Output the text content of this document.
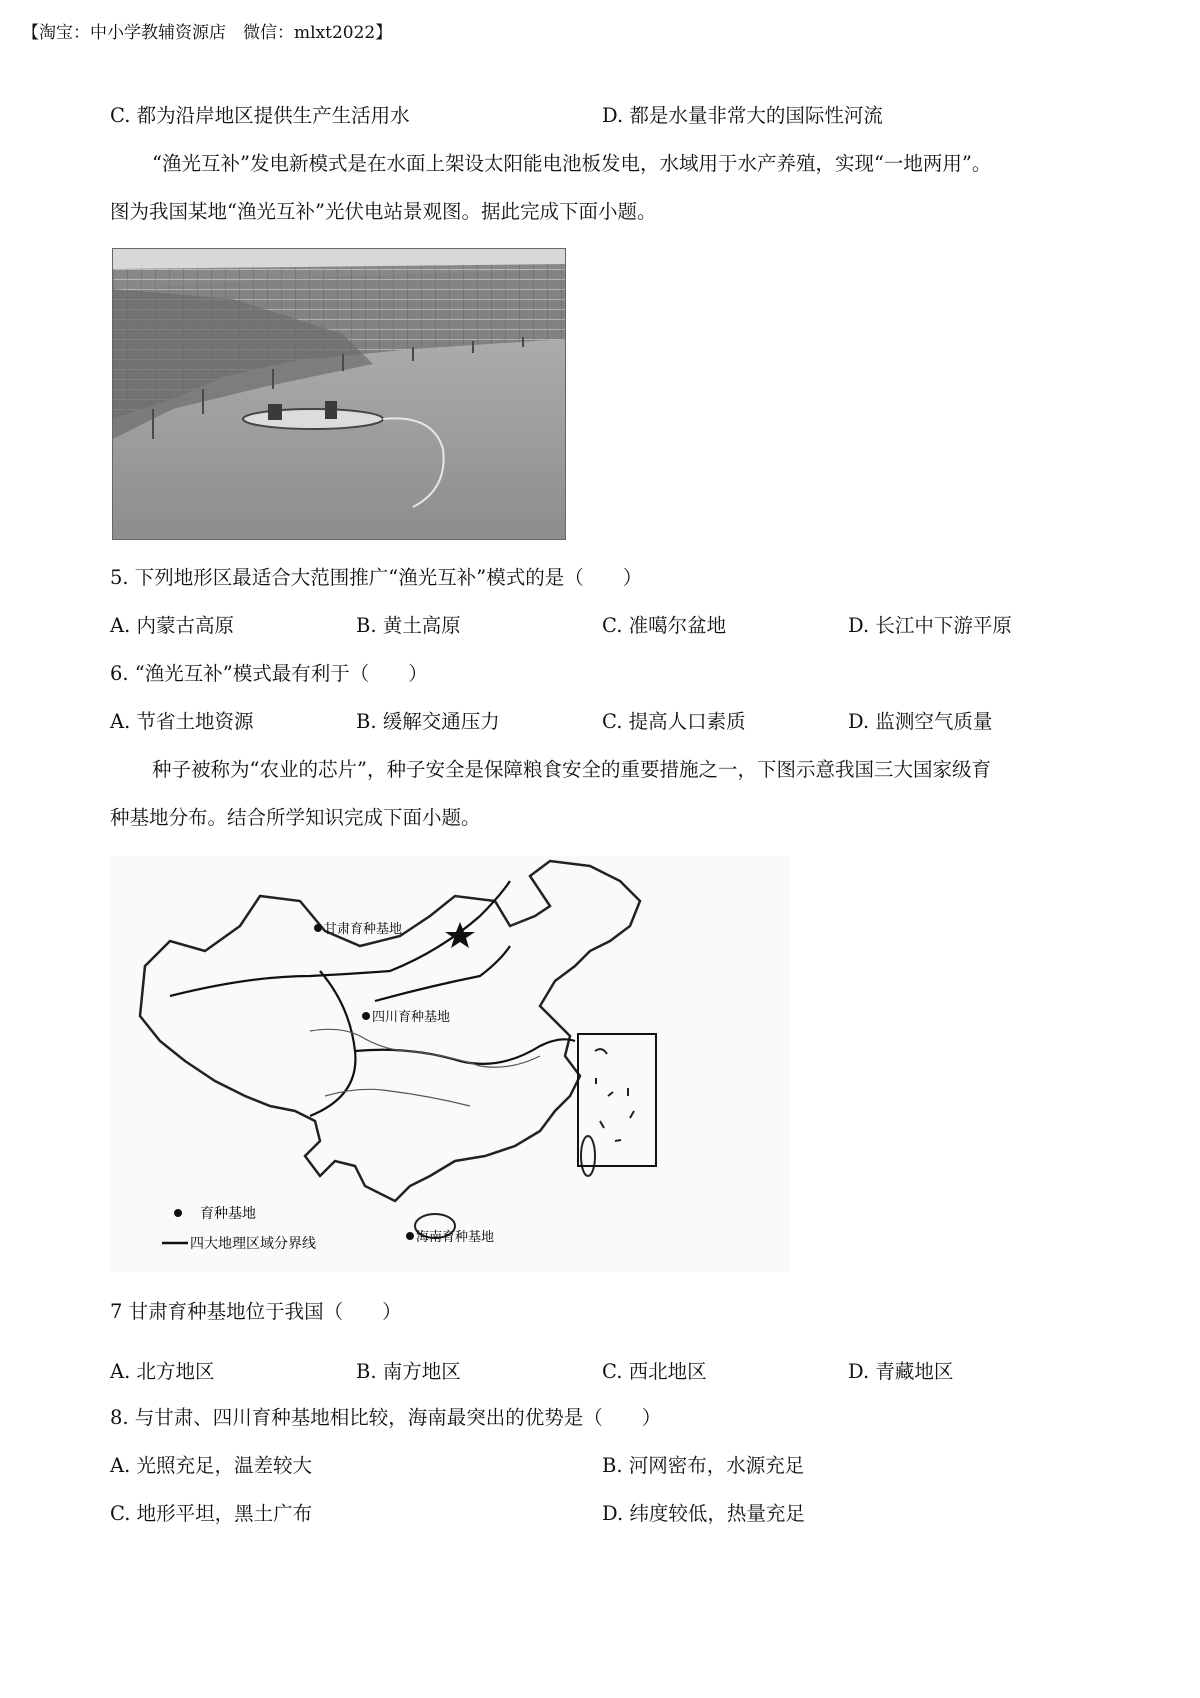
【淘宝：中小学教辅资源店　微信：mlxt2022】
C. 都为沿岸地区提供生产生活用水	D. 都是水量非常大的国际性河流
“渔光互补”发电新模式是在水面上架设太阳能电池板发电，水域用于水产养殖，实现“一地两用”。
图为我国某地“渔光互补”光伏电站景观图。据此完成下面小题。
5. 下列地形区最适合大范围推广“渔光互补”模式的是（　　）
A. 内蒙古高原	B. 黄土高原	C. 准噶尔盆地	D. 长江中下游平原
6. “渔光互补”模式最有利于（　　）
A. 节省土地资源	B. 缓解交通压力	C. 提高人口素质	D. 监测空气质量
种子被称为“农业的芯片”，种子安全是保障粮食安全的重要措施之一，下图示意我国三大国家级育
种基地分布。结合所学知识完成下面小题。
甘肃育种基地
四川育种基地
海南育种基地
育种基地
四大地理区域分界线
7 甘肃育种基地位于我国（　　）
A. 北方地区	B. 南方地区	C. 西北地区	D. 青藏地区
8. 与甘肃、四川育种基地相比较，海南最突出的优势是（　　）
A. 光照充足，温差较大	B. 河网密布，水源充足
C. 地形平坦，黑土广布	D. 纬度较低，热量充足
